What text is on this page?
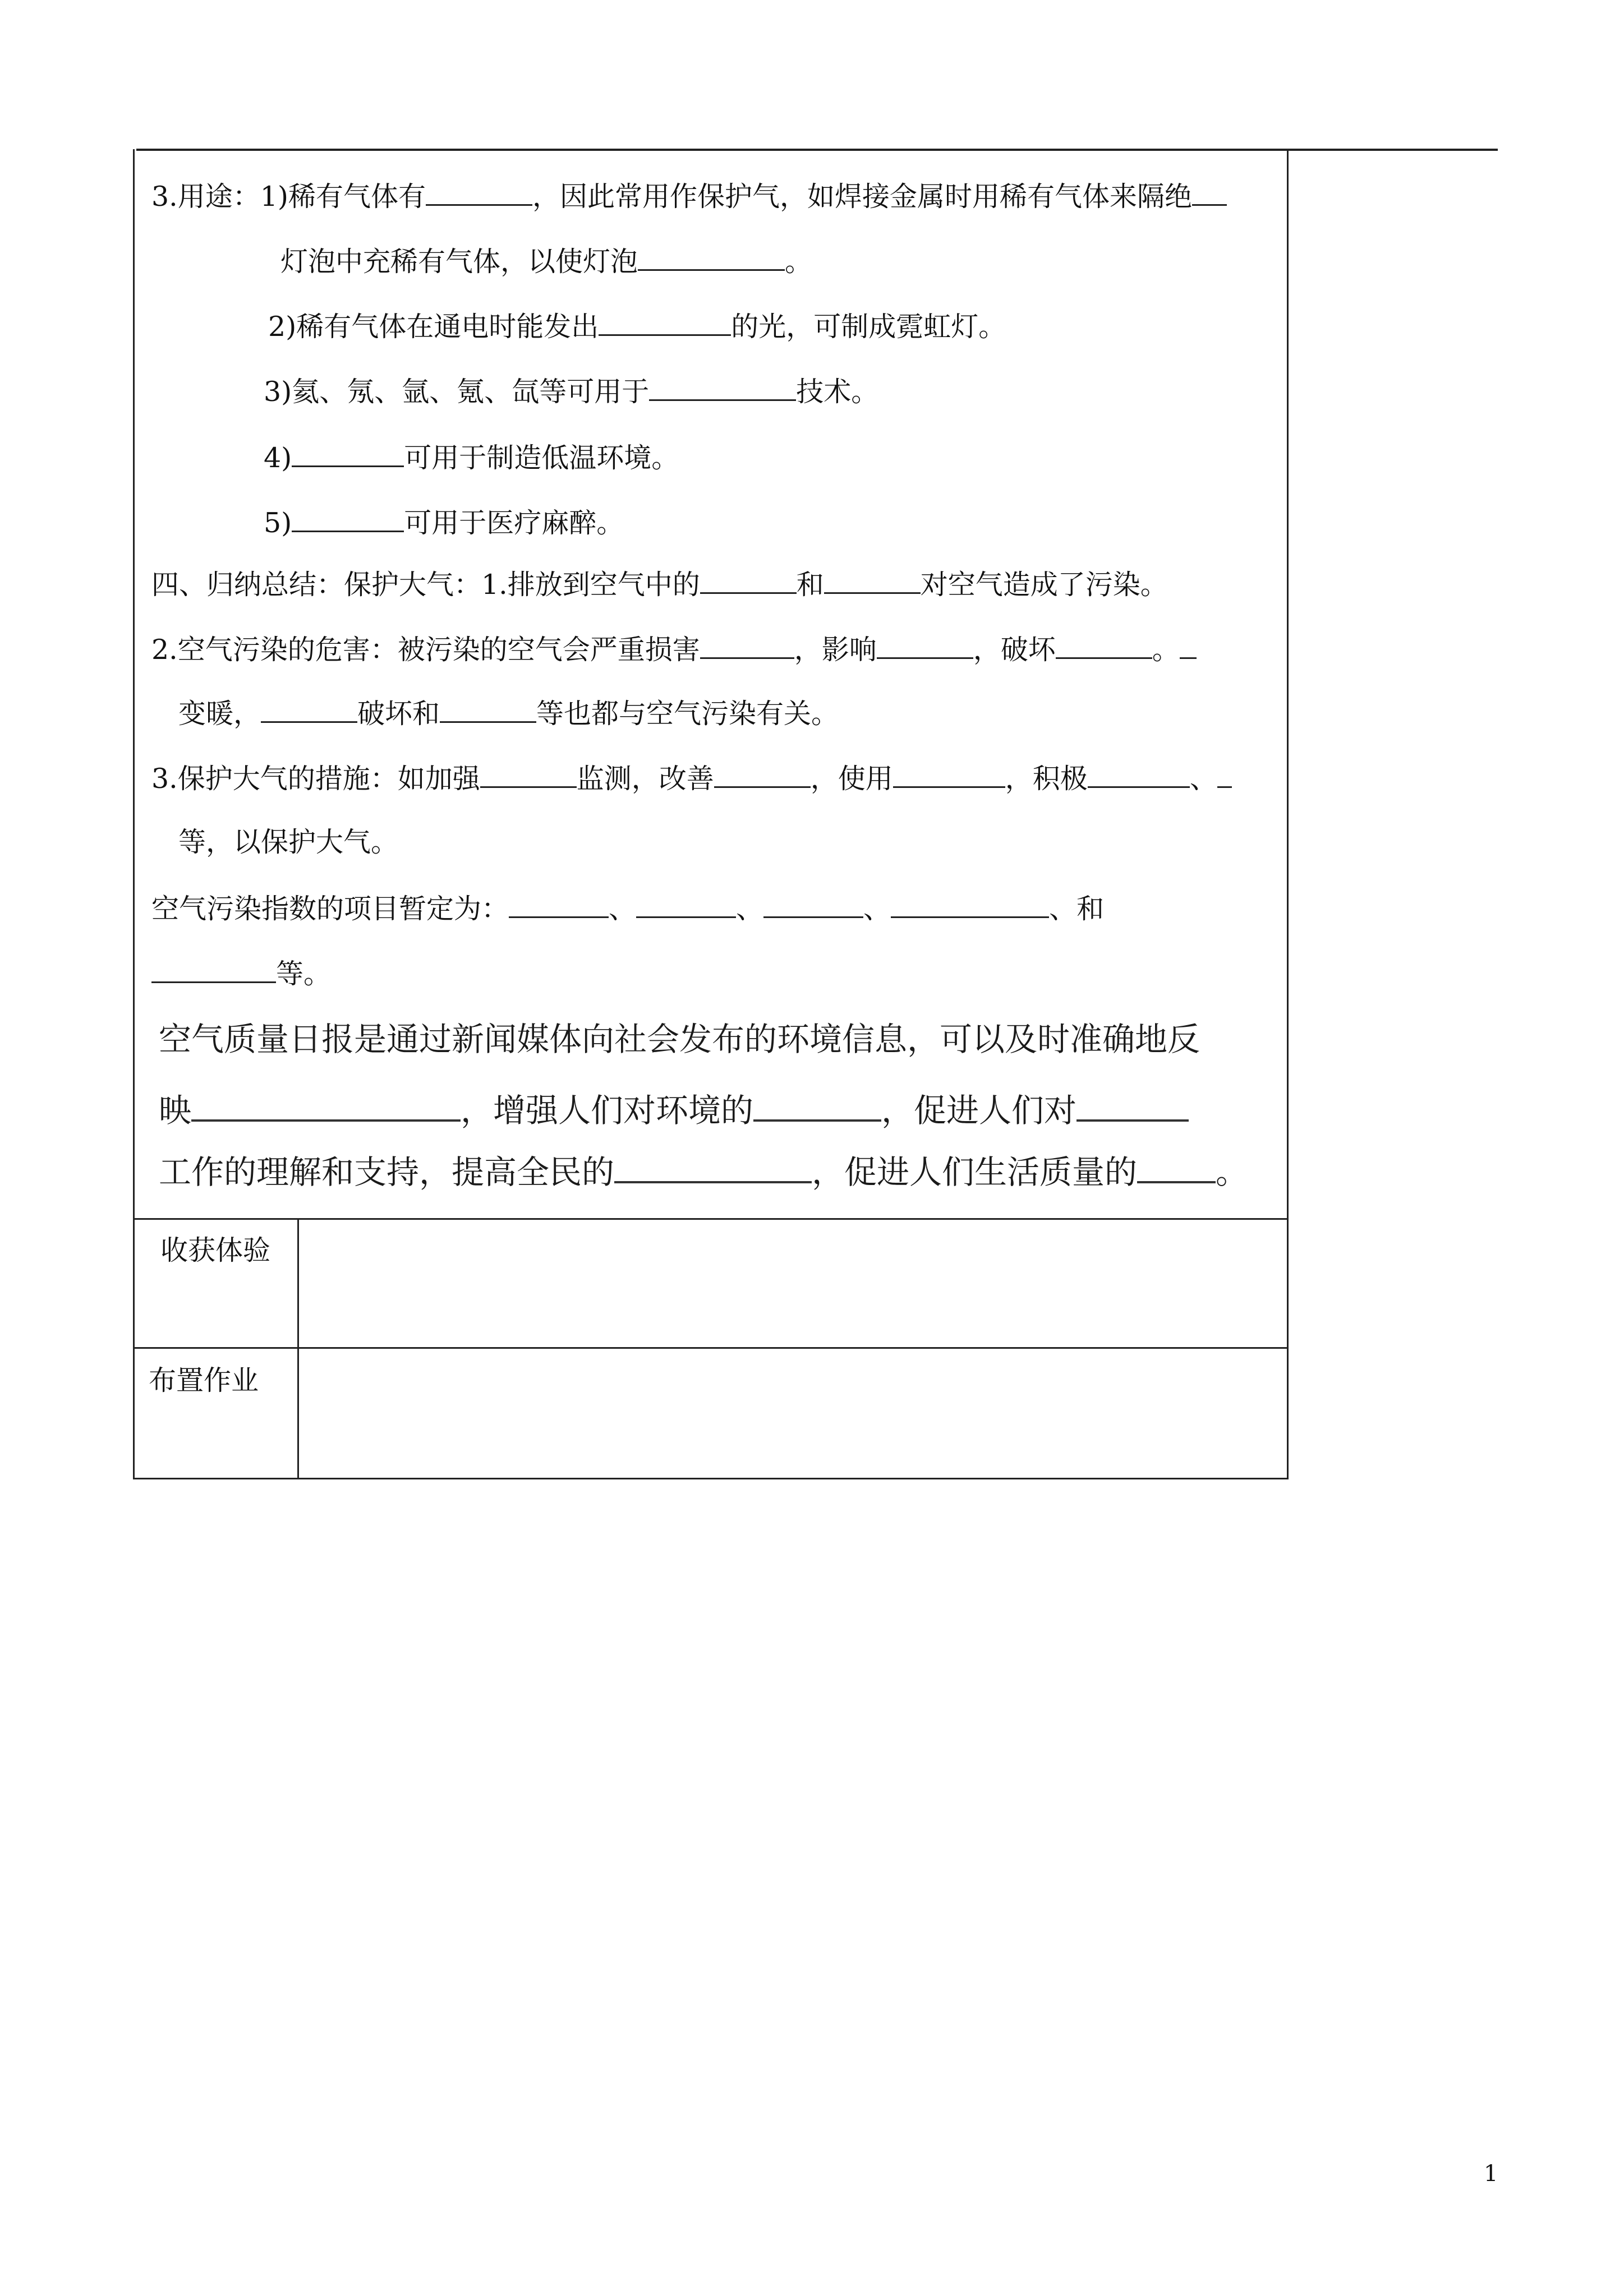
3.用途：1)稀有气体有	，因此常用作保护气，如焊接金属时用稀有气体来隔绝
灯泡中充稀有气体，以使灯泡	。
2)稀有气体在通电时能发出	的光，可制成霓虹灯。
3)氦、氖、氩、氪、氙等可用于	技术。
4)	可用于制造低温环境。
5)	可用于医疗麻醉。
四、归纳总结：保护大气：1.排放到空气中的	和	对空气造成了污染。
2.空气污染的危害：被污染的空气会严重损害	，影响	，破坏	。
变暖，	破坏和	等也都与空气污染有关。
3.保护大气的措施：如加强	监测，改善	，使用	，积极	、
等，以保护大气。
空气污染指数的项目暂定为：	、	、	、	、和
等。
空气质量日报是通过新闻媒体向社会发布的环境信息，可以及时准确地反
映	，增强人们对环境的	，促进人们对
工作的理解和支持，提高全民的	，促进人们生活质量的 。
收获体验
布置作业
1
